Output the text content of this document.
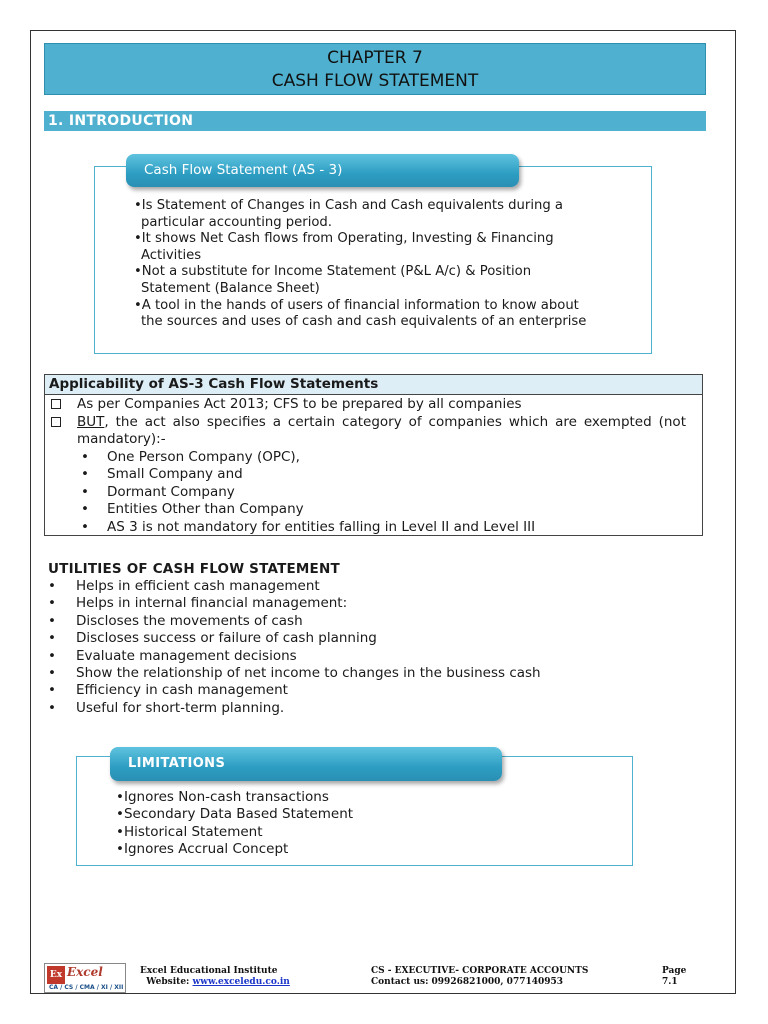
CHAPTER 7
CASH FLOW STATEMENT
1. INTRODUCTION
Cash Flow Statement (AS - 3)
•Is Statement of Changes in Cash and Cash equivalents during a particular accounting period.
•It shows Net Cash flows from Operating, Investing & Financing Activities
•Not a substitute for Income Statement (P&L A/c) & Position Statement (Balance Sheet)
•A tool in the hands of users of financial information to know about the sources and uses of cash and cash equivalents of an enterprise
Applicability of AS-3 Cash Flow Statements
As per Companies Act 2013; CFS to be prepared by all companies
BUT, the act also specifies a certain category of companies which are exempted (not mandatory):-
•	One Person Company (OPC),
•	Small Company and
•	Dormant Company
•	Entities Other than Company
•	AS 3 is not mandatory for entities falling in Level II and Level III
UTILITIES OF CASH FLOW STATEMENT
•	Helps in efficient cash management
•	Helps in internal financial management:
•	Discloses the movements of cash
•	Discloses success or failure of cash planning
•	Evaluate management decisions
•	Show the relationship of net income to changes in the business cash
•	Efficiency in cash management
•	Useful for short-term planning.
LIMITATIONS
•Ignores Non-cash transactions
•Secondary Data Based Statement
•Historical Statement
•Ignores Accrual Concept
Ex Excel
CA / CS / CMA / XI / XII
Excel Educational Institute
Website: www.exceledu.co.in
CS - EXECUTIVE- CORPORATE ACCOUNTS
Contact us: 09926821000, 077140953
Page 7.1
